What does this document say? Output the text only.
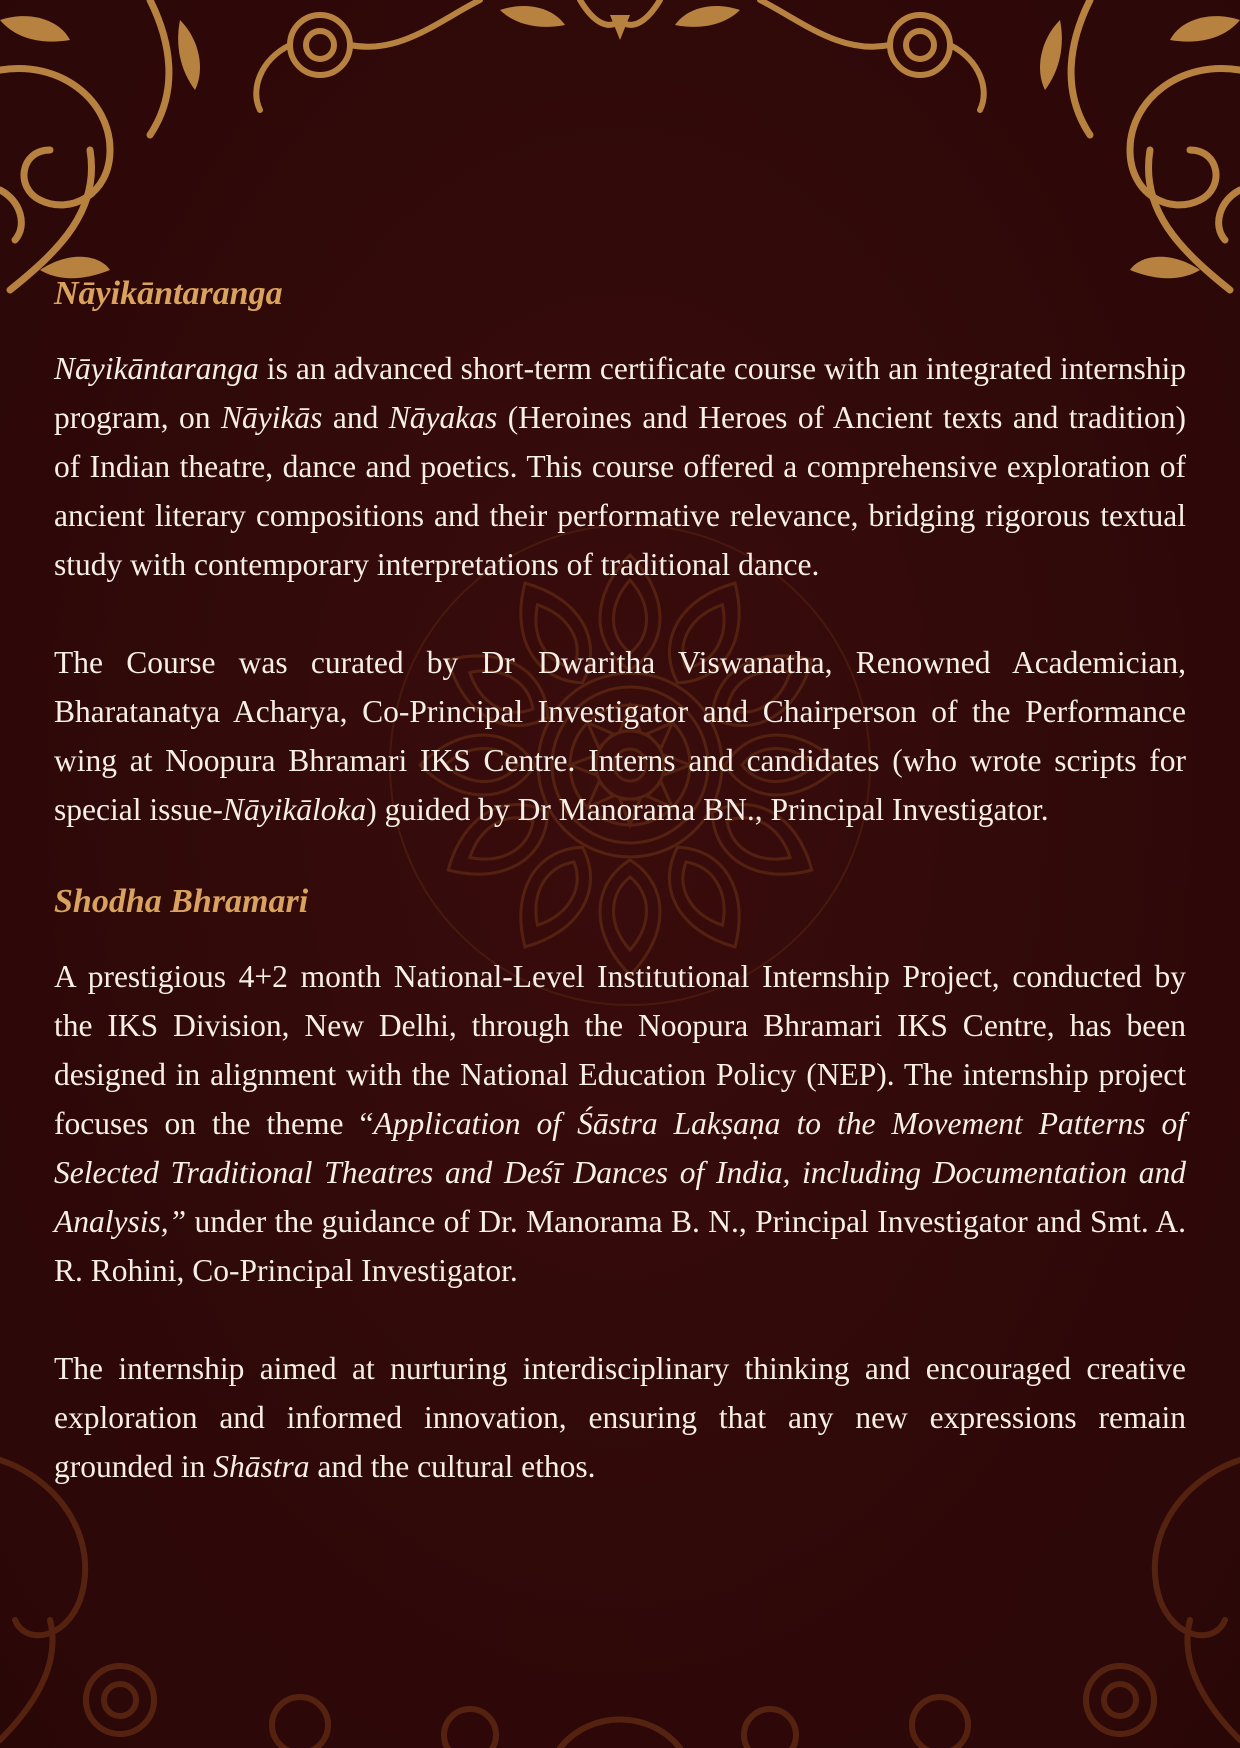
Nāyikāntaranga

Nāyikāntaranga is an advanced short-term certificate course with an integrated internship program, on Nāyikās and Nāyakas (Heroines and Heroes of Ancient texts and tradition) of Indian theatre, dance and poetics. This course offered a comprehensive exploration of ancient literary compositions and their performative relevance, bridging rigorous textual study with contemporary interpretations of traditional dance.

The Course was curated by Dr Dwaritha Viswanatha, Renowned Academician, Bharatanatya Acharya, Co-Principal Investigator and Chairperson of the Performance wing at Noopura Bhramari IKS Centre. Interns and candidates (who wrote scripts for special issue-Nāyikāloka) guided by Dr Manorama BN., Principal Investigator.

Shodha Bhramari

A prestigious 4+2 month National-Level Institutional Internship Project, conducted by the IKS Division, New Delhi, through the Noopura Bhramari IKS Centre, has been designed in alignment with the National Education Policy (NEP). The internship project focuses on the theme “Application of Śāstra Lakṣaṇa to the Movement Patterns of Selected Traditional Theatres and Deśī Dances of India, including Documentation and Analysis,” under the guidance of Dr. Manorama B. N., Principal Investigator and Smt. A. R. Rohini, Co-Principal Investigator.

The internship aimed at nurturing interdisciplinary thinking and encouraged creative exploration and informed innovation, ensuring that any new expressions remain grounded in Shāstra and the cultural ethos.
